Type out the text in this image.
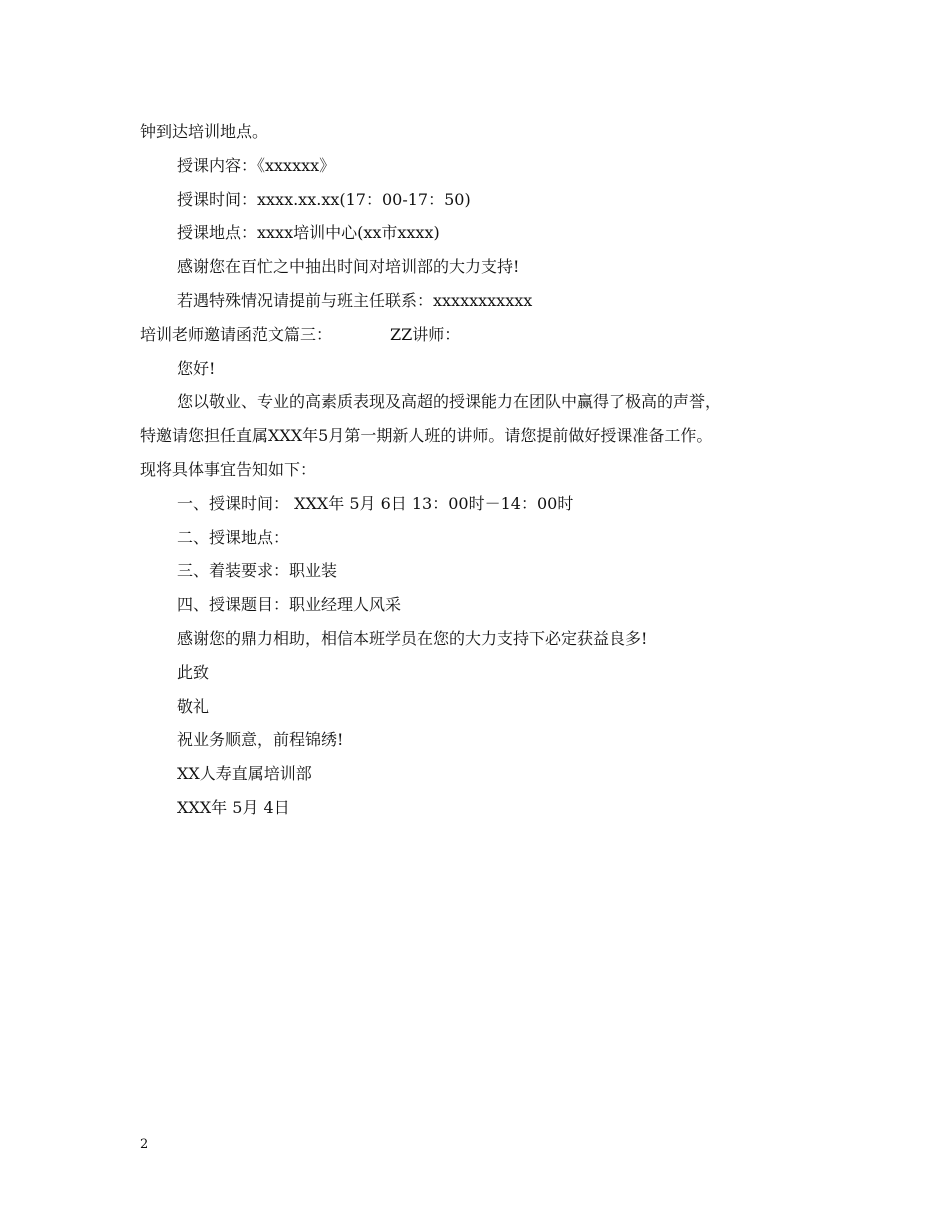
钟到达培训地点。
授课内容：《xxxxxx》
授课时间：xxxx.xx.xx(17：00-17：50)
授课地点：xxxx培训中心(xx市xxxx)
感谢您在百忙之中抽出时间对培训部的大力支持!
若遇特殊情况请提前与班主任联系：xxxxxxxxxxx
培训老师邀请函范文篇三：	ZZ讲师：
您好!
您以敬业、专业的高素质表现及高超的授课能力在团队中赢得了极高的声誉，
特邀请您担任直属XXX年5月第一期新人班的讲师。请您提前做好授课准备工作。
现将具体事宜告知如下：
一、授课时间： XXX年 5月 6日 13：00时－14：00时
二、授课地点：
三、着装要求：职业装
四、授课题目：职业经理人风采
感谢您的鼎力相助，相信本班学员在您的大力支持下必定获益良多!
此致
敬礼
祝业务顺意，前程锦绣!
XX人寿直属培训部
XXX年 5月 4日
2
